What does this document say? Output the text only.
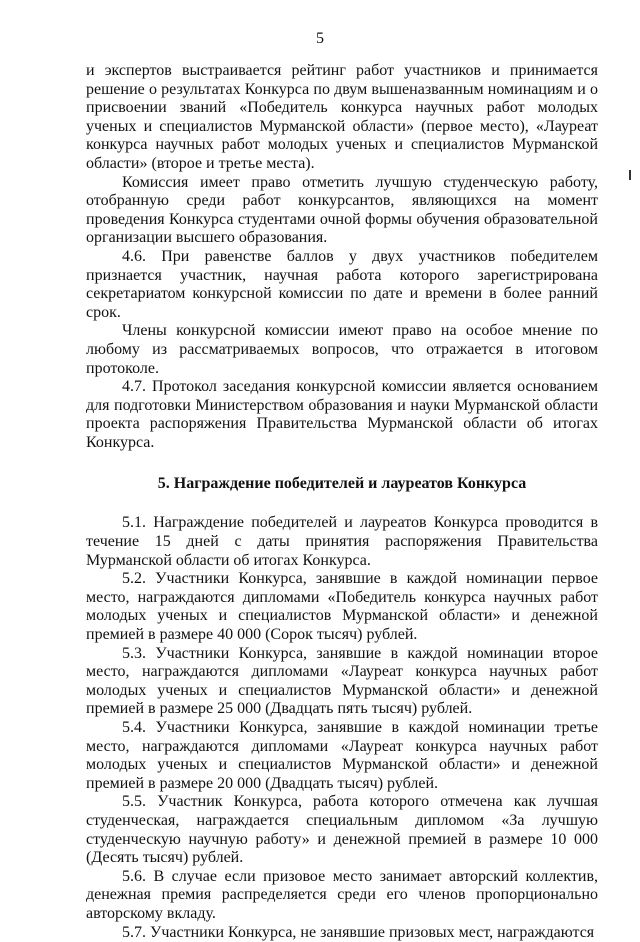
5

и экспертов выстраивается рейтинг работ участников и принимается решение о результатах Конкурса по двум вышеназванным номинациям и о присвоении званий «Победитель конкурса научных работ молодых ученых и специалистов Мурманской области» (первое место), «Лауреат конкурса научных работ молодых ученых и специалистов Мурманской области» (второе и третье места).

Комиссия имеет право отметить лучшую студенческую работу, отобранную среди работ конкурсантов, являющихся на момент проведения Конкурса студентами очной формы обучения образовательной организации высшего образования.

4.6. При равенстве баллов у двух участников победителем признается участник, научная работа которого зарегистрирована секретариатом конкурсной комиссии по дате и времени в более ранний срок.

Члены конкурсной комиссии имеют право на особое мнение по любому из рассматриваемых вопросов, что отражается в итоговом протоколе.

4.7. Протокол заседания конкурсной комиссии является основанием для подготовки Министерством образования и науки Мурманской области проекта распоряжения Правительства Мурманской области об итогах Конкурса.

5. Награждение победителей и лауреатов Конкурса

5.1. Награждение победителей и лауреатов Конкурса проводится в течение 15 дней с даты принятия распоряжения Правительства Мурманской области об итогах Конкурса.

5.2. Участники Конкурса, занявшие в каждой номинации первое место, награждаются дипломами «Победитель конкурса научных работ молодых ученых и специалистов Мурманской области» и денежной премией в размере 40 000 (Сорок тысяч) рублей.

5.3. Участники Конкурса, занявшие в каждой номинации второе место, награждаются дипломами «Лауреат конкурса научных работ молодых ученых и специалистов Мурманской области» и денежной премией в размере 25 000 (Двадцать пять тысяч) рублей.

5.4. Участники Конкурса, занявшие в каждой номинации третье место, награждаются дипломами «Лауреат конкурса научных работ молодых ученых и специалистов Мурманской области» и денежной премией в размере 20 000 (Двадцать тысяч) рублей.

5.5. Участник Конкурса, работа которого отмечена как лучшая студенческая, награждается специальным дипломом «За лучшую студенческую научную работу» и денежной премией в размере 10 000 (Десять тысяч) рублей.

5.6. В случае если призовое место занимает авторский коллектив, денежная премия распределяется среди его членов пропорционально авторскому вкладу.

5.7. Участники Конкурса, не занявшие призовых мест, награждаются
